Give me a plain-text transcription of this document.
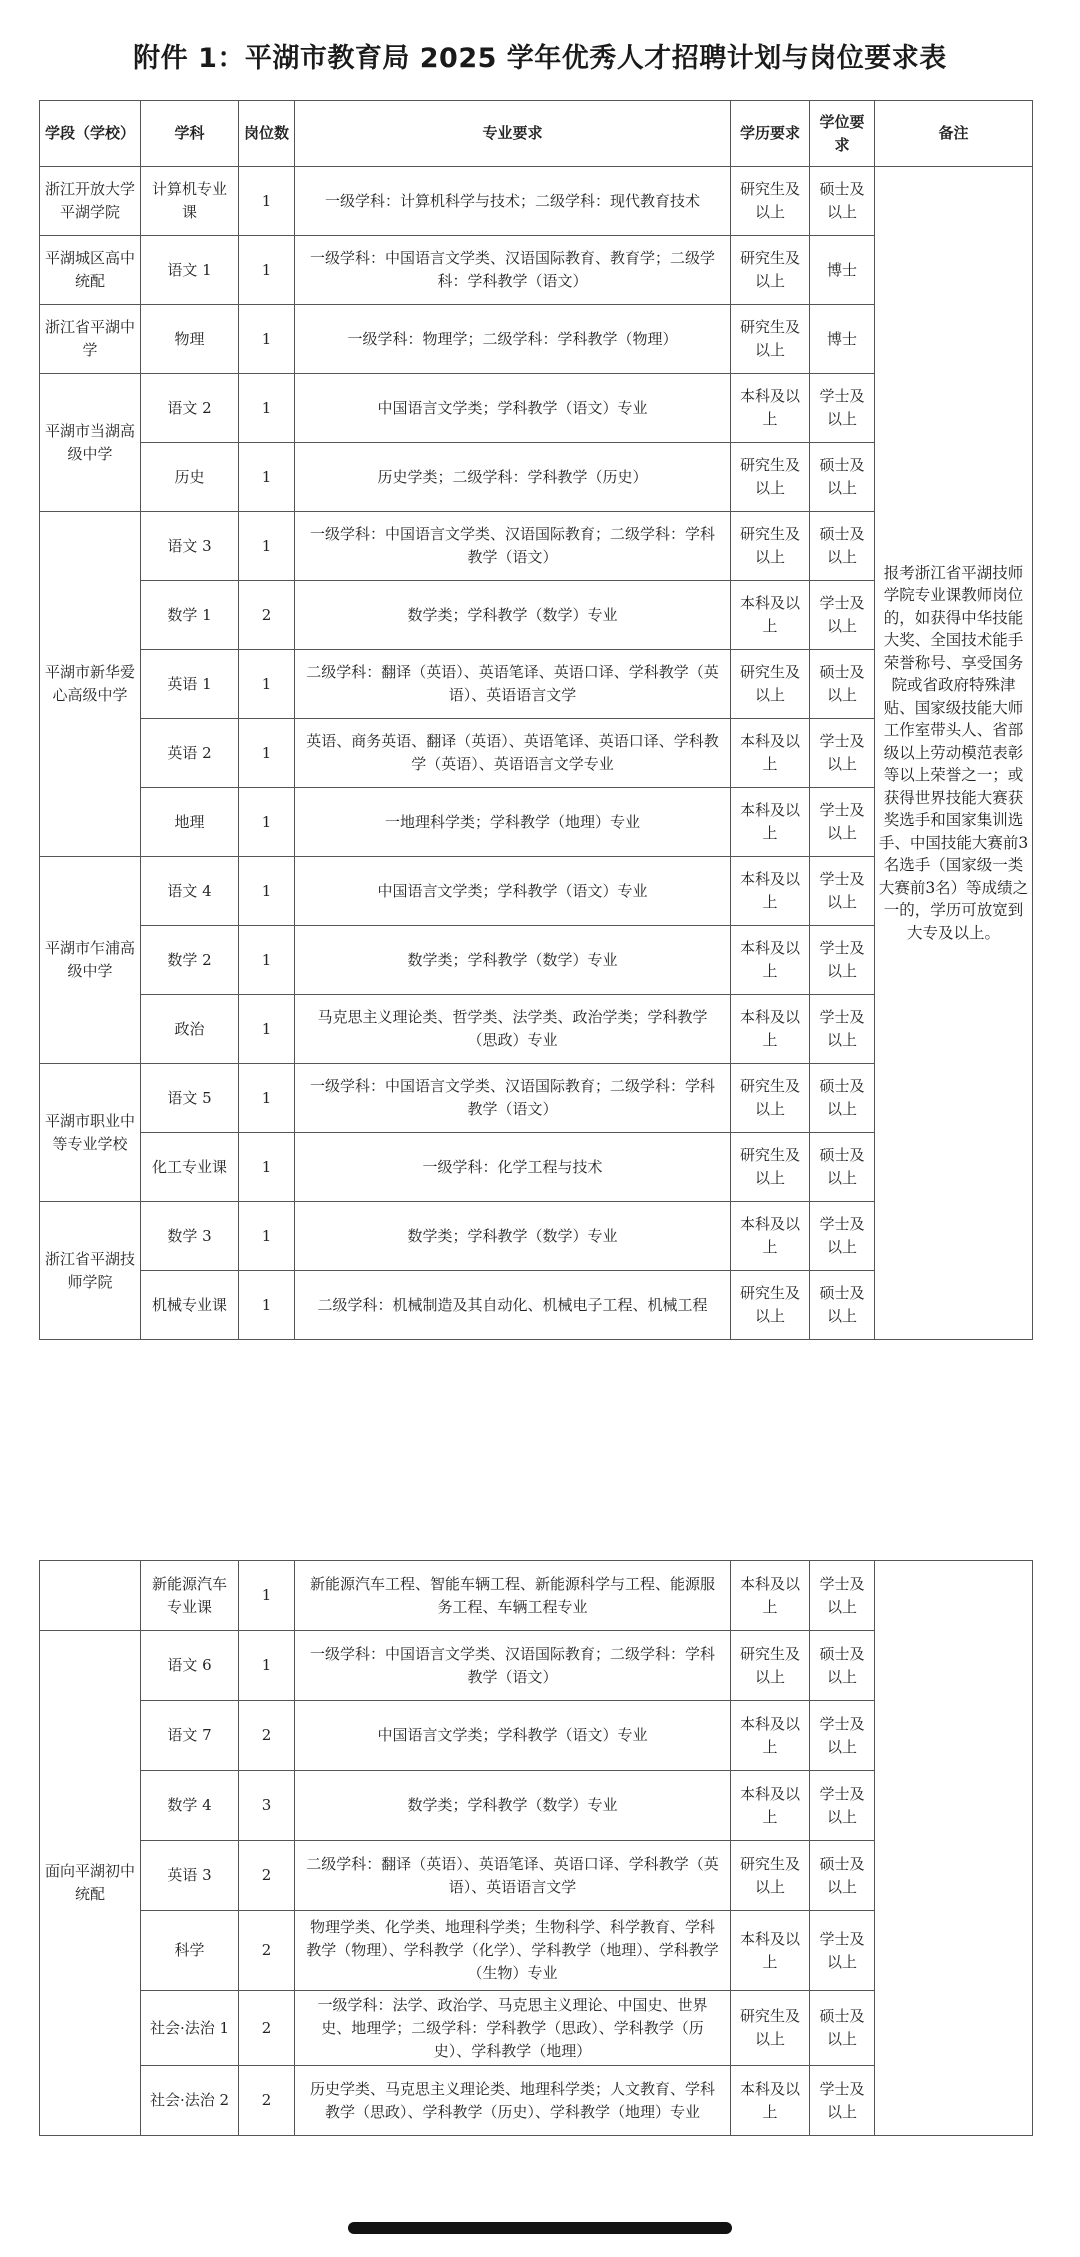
附件 1：平湖市教育局 2025 学年优秀人才招聘计划与岗位要求表
学段（学校）	学科	岗位数	专业要求	学历要求	学位要求	备注
浙江开放大学平湖学院	计算机专业课	1	一级学科：计算机科学与技术；二级学科：现代教育技术	研究生及以上	硕士及以上	报考浙江省平湖技师学院专业课教师岗位的，如获得中华技能大奖、全国技术能手荣誉称号、享受国务院或省政府特殊津贴、国家级技能大师工作室带头人、省部级以上劳动模范表彰等以上荣誉之一；或获得世界技能大赛获奖选手和国家集训选手、中国技能大赛前3名选手（国家级一类大赛前3名）等成绩之一的，学历可放宽到大专及以上。
平湖城区高中统配	语文 1	1	一级学科：中国语言文学类、汉语国际教育、教育学；二级学科：学科教学（语文）	研究生及以上	博士	
浙江省平湖中学	物理	1	一级学科：物理学；二级学科：学科教学（物理）	研究生及以上	博士	
平湖市当湖高级中学	语文 2	1	中国语言文学类；学科教学（语文）专业	本科及以上	学士及以上	
	历史	1	历史学类；二级学科：学科教学（历史）	研究生及以上	硕士及以上	
平湖市新华爱心高级中学	语文 3	1	一级学科：中国语言文学类、汉语国际教育；二级学科：学科教学（语文）	研究生及以上	硕士及以上	
	数学 1	2	数学类；学科教学（数学）专业	本科及以上	学士及以上	
	英语 1	1	二级学科：翻译（英语）、英语笔译、英语口译、学科教学（英语）、英语语言文学	研究生及以上	硕士及以上	
	英语 2	1	英语、商务英语、翻译（英语）、英语笔译、英语口译、学科教学（英语）、英语语言文学专业	本科及以上	学士及以上	
	地理	1	一地理科学类；学科教学（地理）专业	本科及以上	学士及以上	
平湖市乍浦高级中学	语文 4	1	中国语言文学类；学科教学（语文）专业	本科及以上	学士及以上	
	数学 2	1	数学类；学科教学（数学）专业	本科及以上	学士及以上	
	政治	1	马克思主义理论类、哲学类、法学类、政治学类；学科教学（思政）专业	本科及以上	学士及以上	
平湖市职业中等专业学校	语文 5	1	一级学科：中国语言文学类、汉语国际教育；二级学科：学科教学（语文）	研究生及以上	硕士及以上	
	化工专业课	1	一级学科：化学工程与技术	研究生及以上	硕士及以上	
浙江省平湖技师学院	数学 3	1	数学类；学科教学（数学）专业	本科及以上	学士及以上	
	机械专业课	1	二级学科：机械制造及其自动化、机械电子工程、机械工程	研究生及以上	硕士及以上	
	新能源汽车专业课	1	新能源汽车工程、智能车辆工程、新能源科学与工程、能源服务工程、车辆工程专业	本科及以上	学士及以上	
面向平湖初中统配	语文 6	1	一级学科：中国语言文学类、汉语国际教育；二级学科：学科教学（语文）	研究生及以上	硕士及以上	
	语文 7	2	中国语言文学类；学科教学（语文）专业	本科及以上	学士及以上	
	数学 4	3	数学类；学科教学（数学）专业	本科及以上	学士及以上	
	英语 3	2	二级学科：翻译（英语）、英语笔译、英语口译、学科教学（英语）、英语语言文学	研究生及以上	硕士及以上	
	科学	2	物理学类、化学类、地理科学类；生物科学、科学教育、学科教学（物理）、学科教学（化学）、学科教学（地理）、学科教学（生物）专业	本科及以上	学士及以上	
	社会·法治 1	2	一级学科：法学、政治学、马克思主义理论、中国史、世界史、地理学；二级学科：学科教学（思政）、学科教学（历史）、学科教学（地理）	研究生及以上	硕士及以上	
	社会·法治 2	2	历史学类、马克思主义理论类、地理科学类；人文教育、学科教学（思政）、学科教学（历史）、学科教学（地理）专业	本科及以上	学士及以上	
